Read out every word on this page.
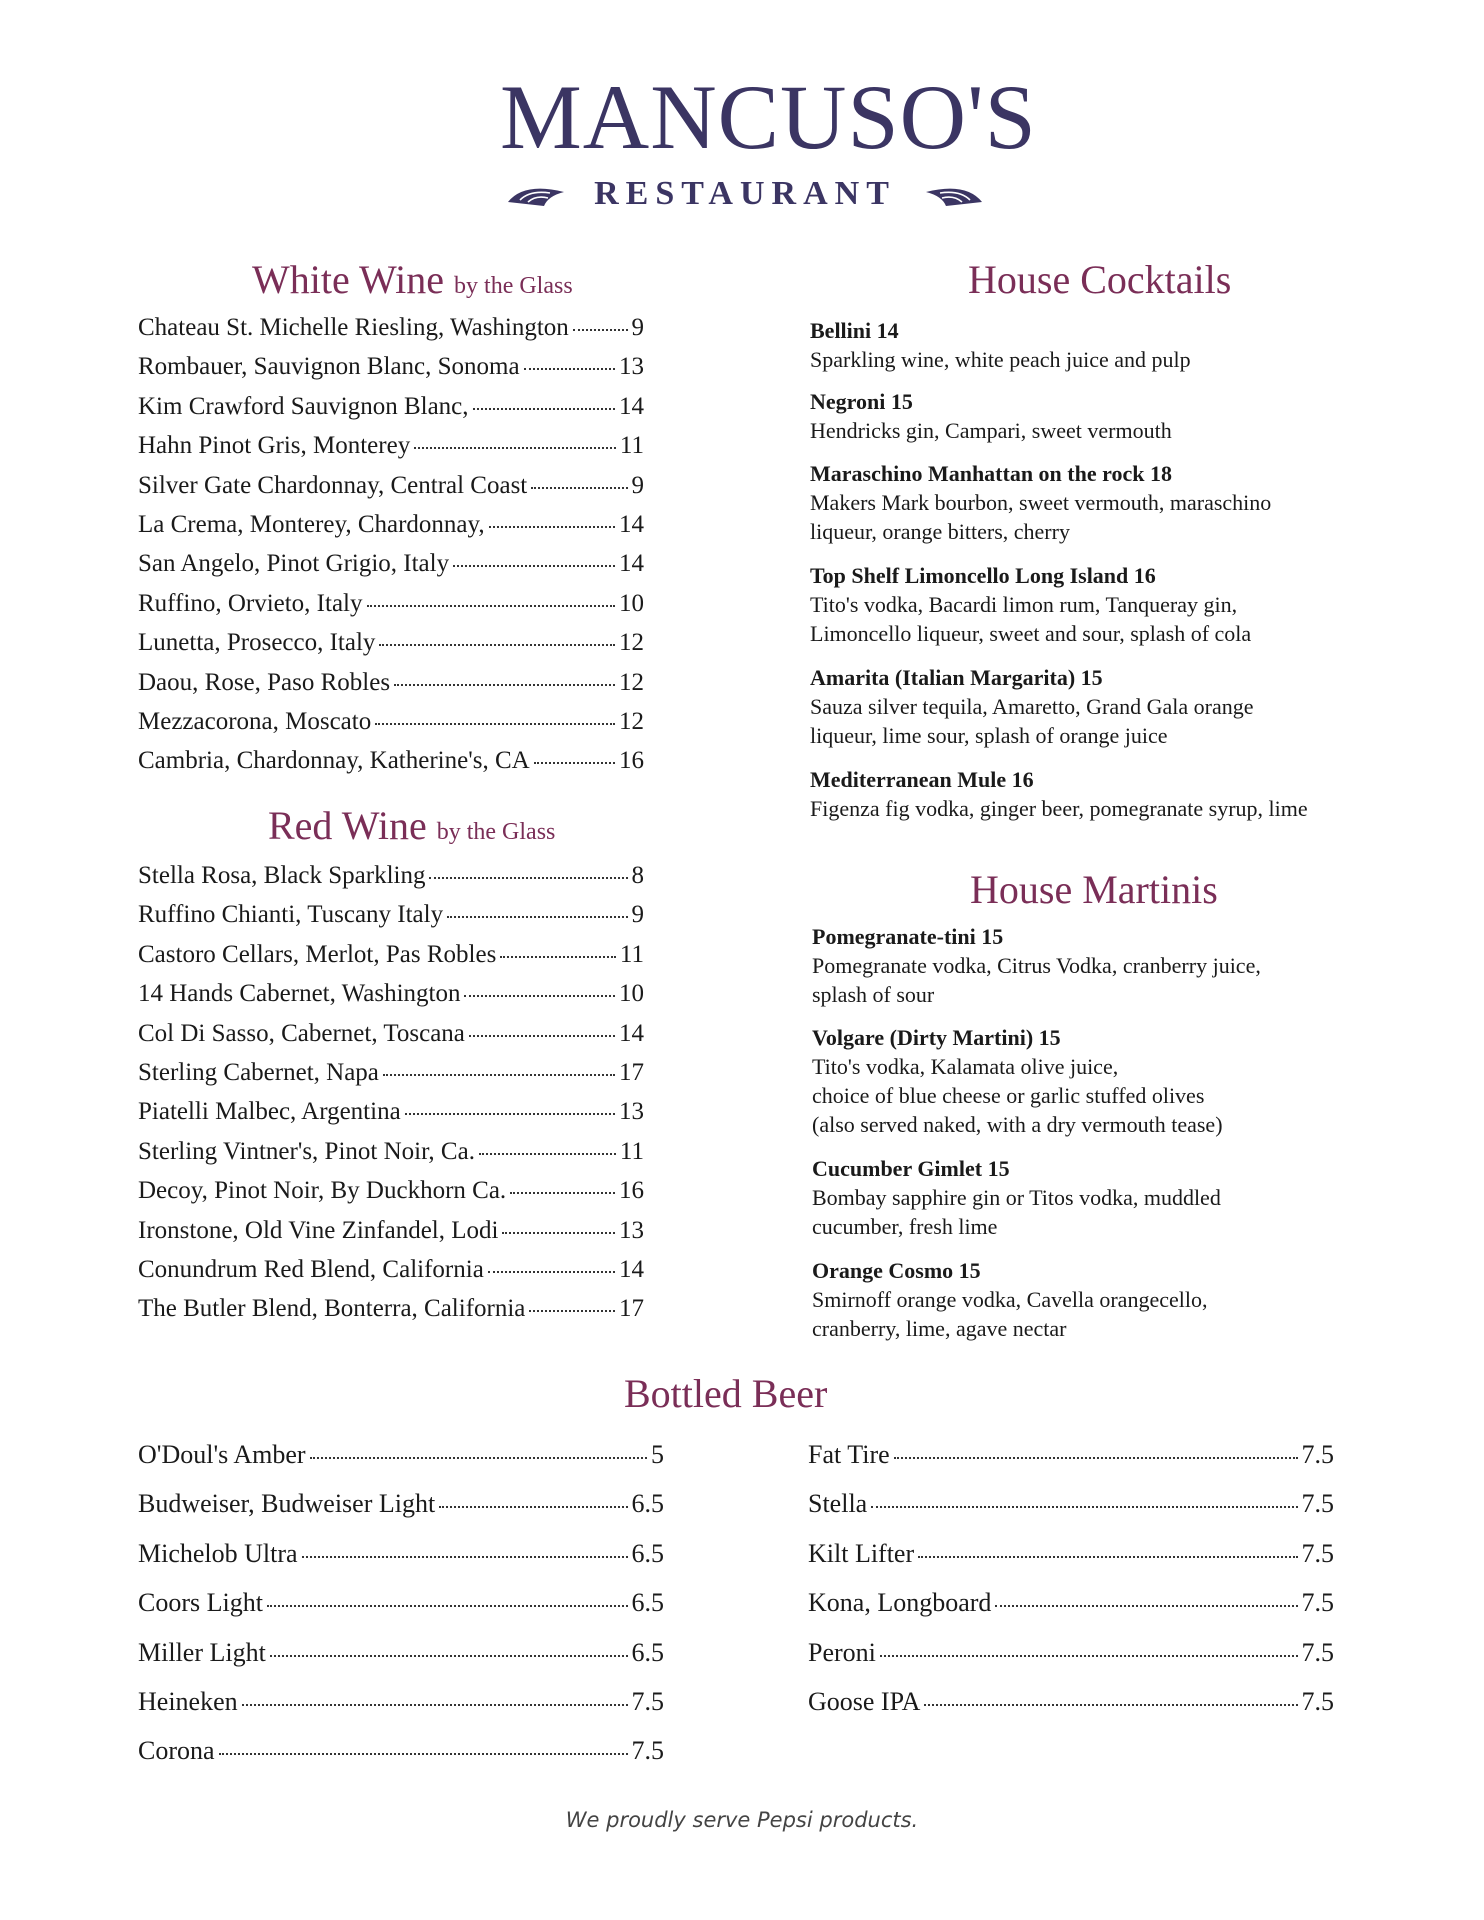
MANCUSO'S
RESTAURANT
White Wine by the Glass
Chateau St. Michelle Riesling, Washington	9
Rombauer, Sauvignon Blanc, Sonoma	13
Kim Crawford Sauvignon Blanc,	14
Hahn Pinot Gris, Monterey	11
Silver Gate Chardonnay, Central Coast	9
La Crema, Monterey, Chardonnay,	14
San Angelo, Pinot Grigio, Italy	14
Ruffino, Orvieto, Italy	10
Lunetta, Prosecco, Italy	12
Daou, Rose, Paso Robles	12
Mezzacorona, Moscato	12
Cambria, Chardonnay, Katherine's, CA	16
Red Wine by the Glass
Stella Rosa, Black Sparkling	8
Ruffino Chianti, Tuscany Italy	9
Castoro Cellars, Merlot, Pas Robles	11
14 Hands Cabernet, Washington	10
Col Di Sasso, Cabernet, Toscana	14
Sterling Cabernet, Napa	17
Piatelli Malbec, Argentina	13
Sterling Vintner's, Pinot Noir, Ca.	11
Decoy, Pinot Noir, By Duckhorn Ca.	16
Ironstone, Old Vine Zinfandel, Lodi	13
Conundrum Red Blend, California	14
The Butler Blend, Bonterra, California	17
House Cocktails
Bellini 14
Sparkling wine, white peach juice and pulp
Negroni 15
Hendricks gin, Campari, sweet vermouth
Maraschino Manhattan on the rock 18
Makers Mark bourbon, sweet vermouth, maraschino
liqueur, orange bitters, cherry
Top Shelf Limoncello Long Island 16
Tito's vodka, Bacardi limon rum, Tanqueray gin,
Limoncello liqueur, sweet and sour, splash of cola
Amarita (Italian Margarita) 15
Sauza silver tequila, Amaretto, Grand Gala orange
liqueur, lime sour, splash of orange juice
Mediterranean Mule 16
Figenza fig vodka, ginger beer, pomegranate syrup, lime
House Martinis
Pomegranate-tini 15
Pomegranate vodka, Citrus Vodka, cranberry juice,
splash of sour
Volgare (Dirty Martini) 15
Tito's vodka, Kalamata olive juice,
choice of blue cheese or garlic stuffed olives
(also served naked, with a dry vermouth tease)
Cucumber Gimlet 15
Bombay sapphire gin or Titos vodka, muddled
cucumber, fresh lime
Orange Cosmo 15
Smirnoff orange vodka, Cavella orangecello,
cranberry, lime, agave nectar
Bottled Beer
O'Doul's Amber	5
Budweiser, Budweiser Light	6.5
Michelob Ultra	6.5
Coors Light	6.5
Miller Light	6.5
Heineken	7.5
Corona	7.5
Fat Tire	7.5
Stella	7.5
Kilt Lifter	7.5
Kona, Longboard	7.5
Peroni	7.5
Goose IPA	7.5
We proudly serve Pepsi products.
